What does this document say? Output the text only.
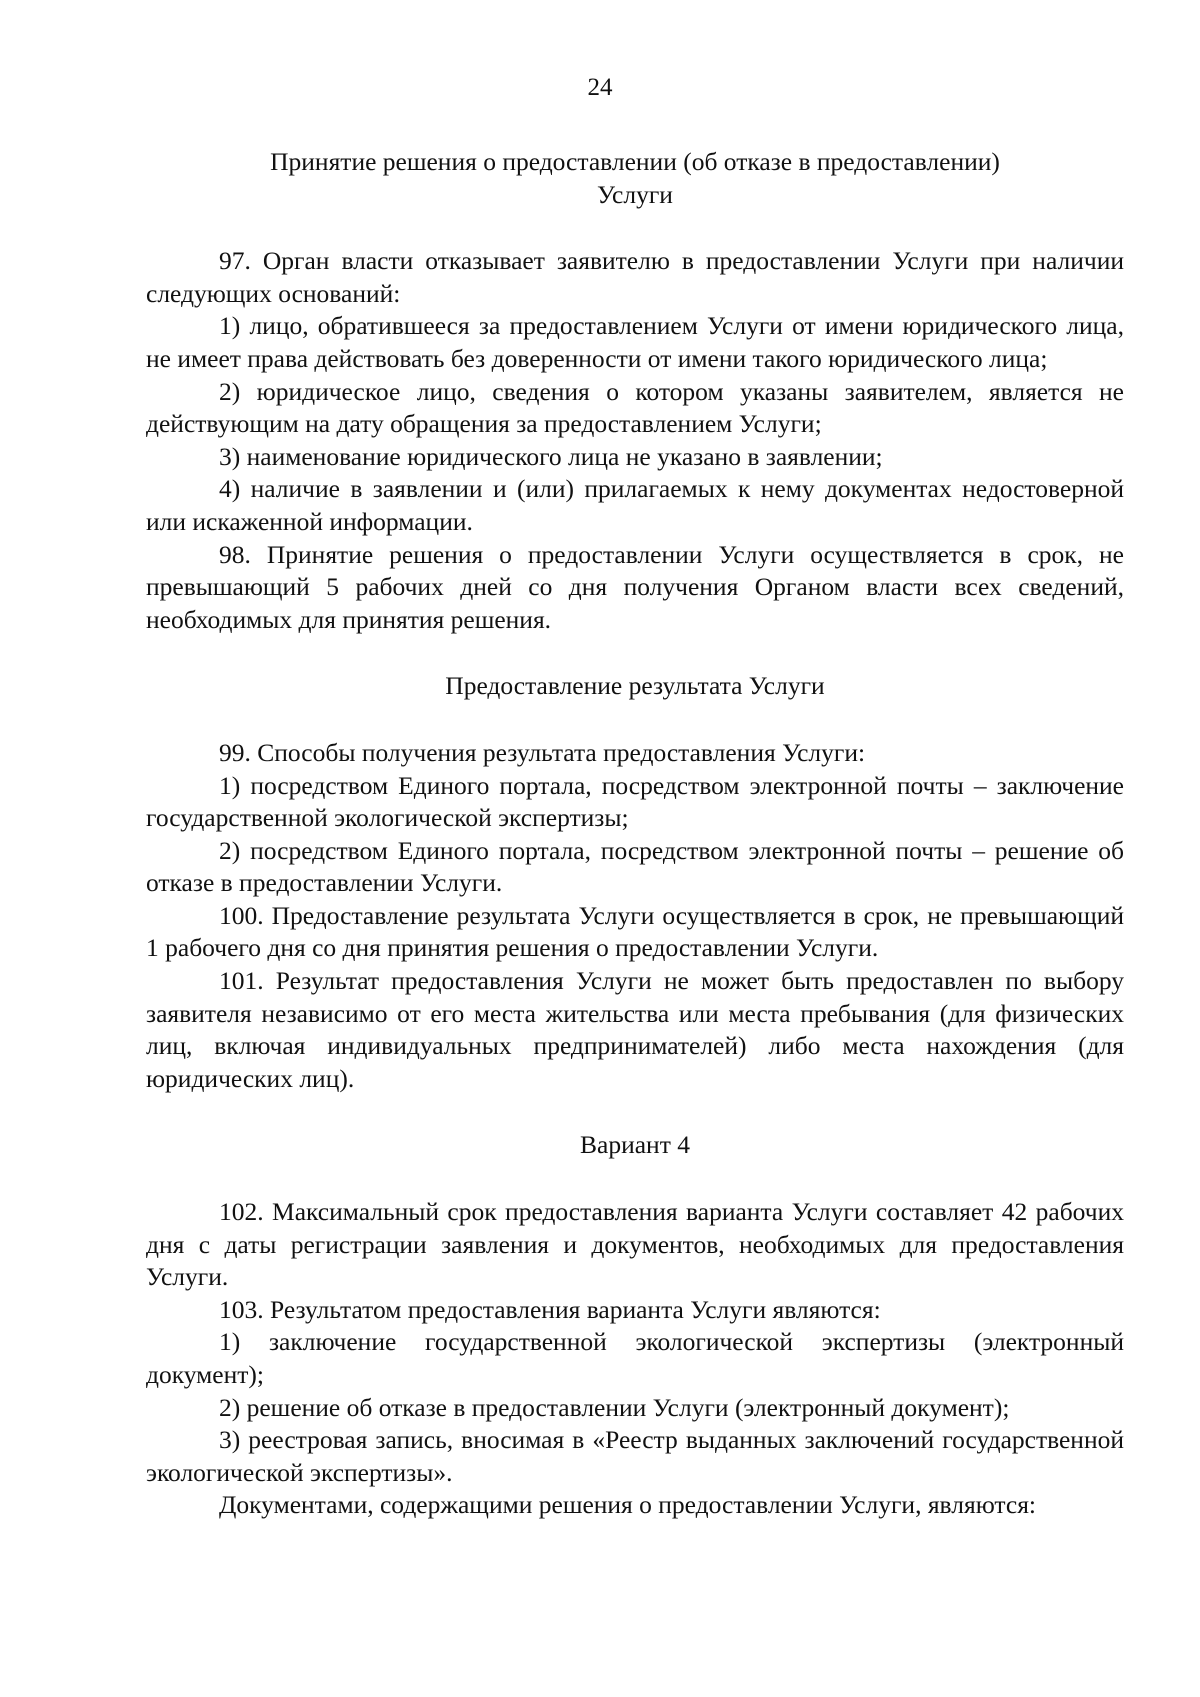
24

Принятие решения о предоставлении (об отказе в предоставлении)

Услуги

97. Орган власти отказывает заявителю в предоставлении Услуги при наличии следующих оснований:

1) лицо, обратившееся за предоставлением Услуги от имени юридического лица, не имеет права действовать без доверенности от имени такого юридического лица;

2) юридическое лицо, сведения о котором указаны заявителем, является не действующим на дату обращения за предоставлением Услуги;

3) наименование юридического лица не указано в заявлении;

4) наличие в заявлении и (или) прилагаемых к нему документах недостоверной или искаженной информации.

98. Принятие решения о предоставлении Услуги осуществляется в срок, не превышающий 5 рабочих дней со дня получения Органом власти всех сведений, необходимых для принятия решения.

Предоставление результата Услуги

99. Способы получения результата предоставления Услуги:

1) посредством Единого портала, посредством электронной почты – заключение государственной экологической экспертизы;

2) посредством Единого портала, посредством электронной почты – решение об отказе в предоставлении Услуги.

100. Предоставление результата Услуги осуществляется в срок, не превышающий 1 рабочего дня со дня принятия решения о предоставлении Услуги.

101. Результат предоставления Услуги не может быть предоставлен по выбору заявителя независимо от его места жительства или места пребывания (для физических лиц, включая индивидуальных предпринимателей) либо места нахождения (для юридических лиц).

Вариант 4

102. Максимальный срок предоставления варианта Услуги составляет 42 рабочих дня с даты регистрации заявления и документов, необходимых для предоставления Услуги.

103. Результатом предоставления варианта Услуги являются:

1) заключение государственной экологической экспертизы (электронный документ);

2) решение об отказе в предоставлении Услуги (электронный документ);

3) реестровая запись, вносимая в «Реестр выданных заключений государственной экологической экспертизы».

Документами, содержащими решения о предоставлении Услуги, являются:
